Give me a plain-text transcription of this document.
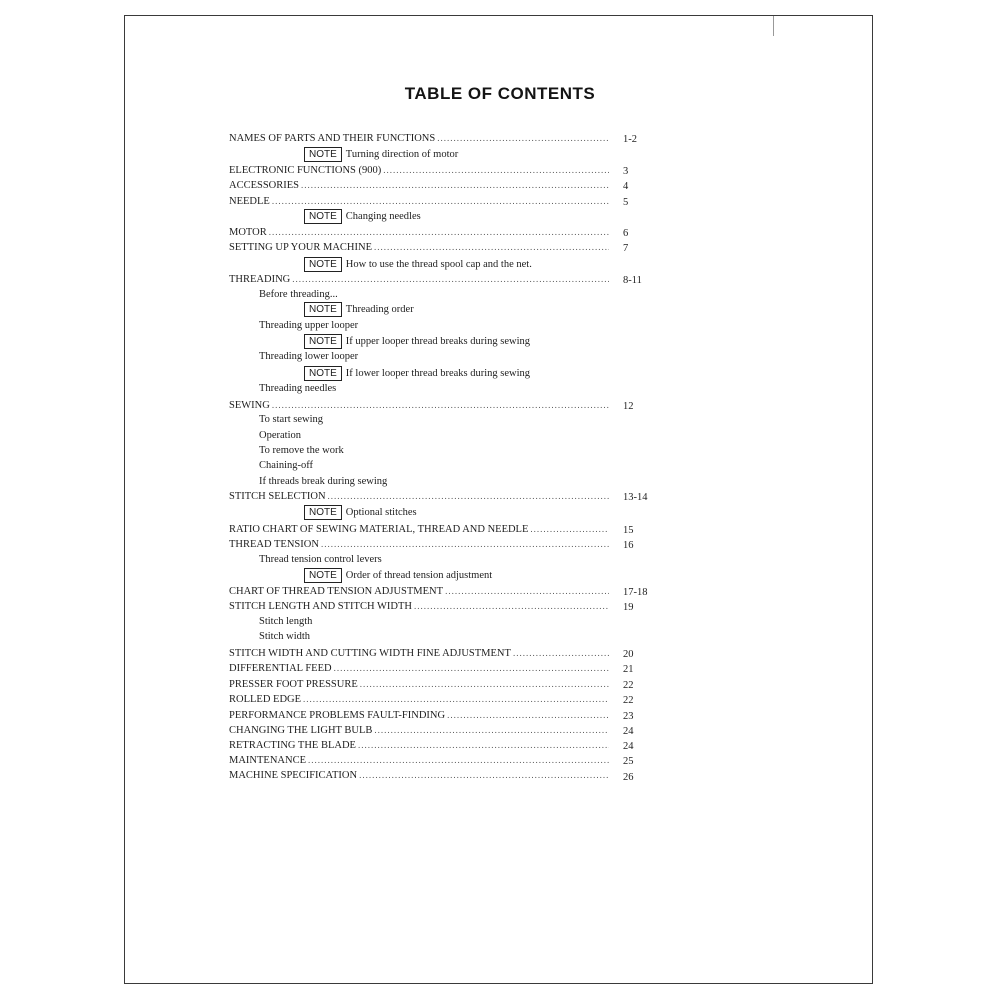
TABLE OF CONTENTS
NAMES OF PARTS AND THEIR FUNCTIONS .....	1-2
NOTE Turning direction of motor
ELECTRONIC FUNCTIONS (900) .....	3
ACCESSORIES .....	4
NEEDLE .....	5
NOTE Changing needles
MOTOR .....	6
SETTING UP YOUR MACHINE .....	7
NOTE How to use the thread spool cap and the net.
THREADING .....	8-11
Before threading...
NOTE Threading order
Threading upper looper
NOTE If upper looper thread breaks during sewing
Threading lower looper
NOTE If lower looper thread breaks during sewing
Threading needles
SEWING .....	12
To start sewing
Operation
To remove the work
Chaining-off
If threads break during sewing
STITCH SELECTION .....	13-14
NOTE Optional stitches
RATIO CHART OF SEWING MATERIAL, THREAD AND NEEDLE .....	15
THREAD TENSION .....	16
Thread tension control levers
NOTE Order of thread tension adjustment
CHART OF THREAD TENSION ADJUSTMENT .....	17-18
STITCH LENGTH AND STITCH WIDTH .....	19
Stitch length
Stitch width
STITCH WIDTH AND CUTTING WIDTH FINE ADJUSTMENT .....	20
DIFFERENTIAL FEED .....	21
PRESSER FOOT PRESSURE .....	22
ROLLED EDGE .....	22
PERFORMANCE PROBLEMS FAULT-FINDING .....	23
CHANGING THE LIGHT BULB .....	24
RETRACTING THE BLADE .....	24
MAINTENANCE .....	25
MACHINE SPECIFICATION .....	26
